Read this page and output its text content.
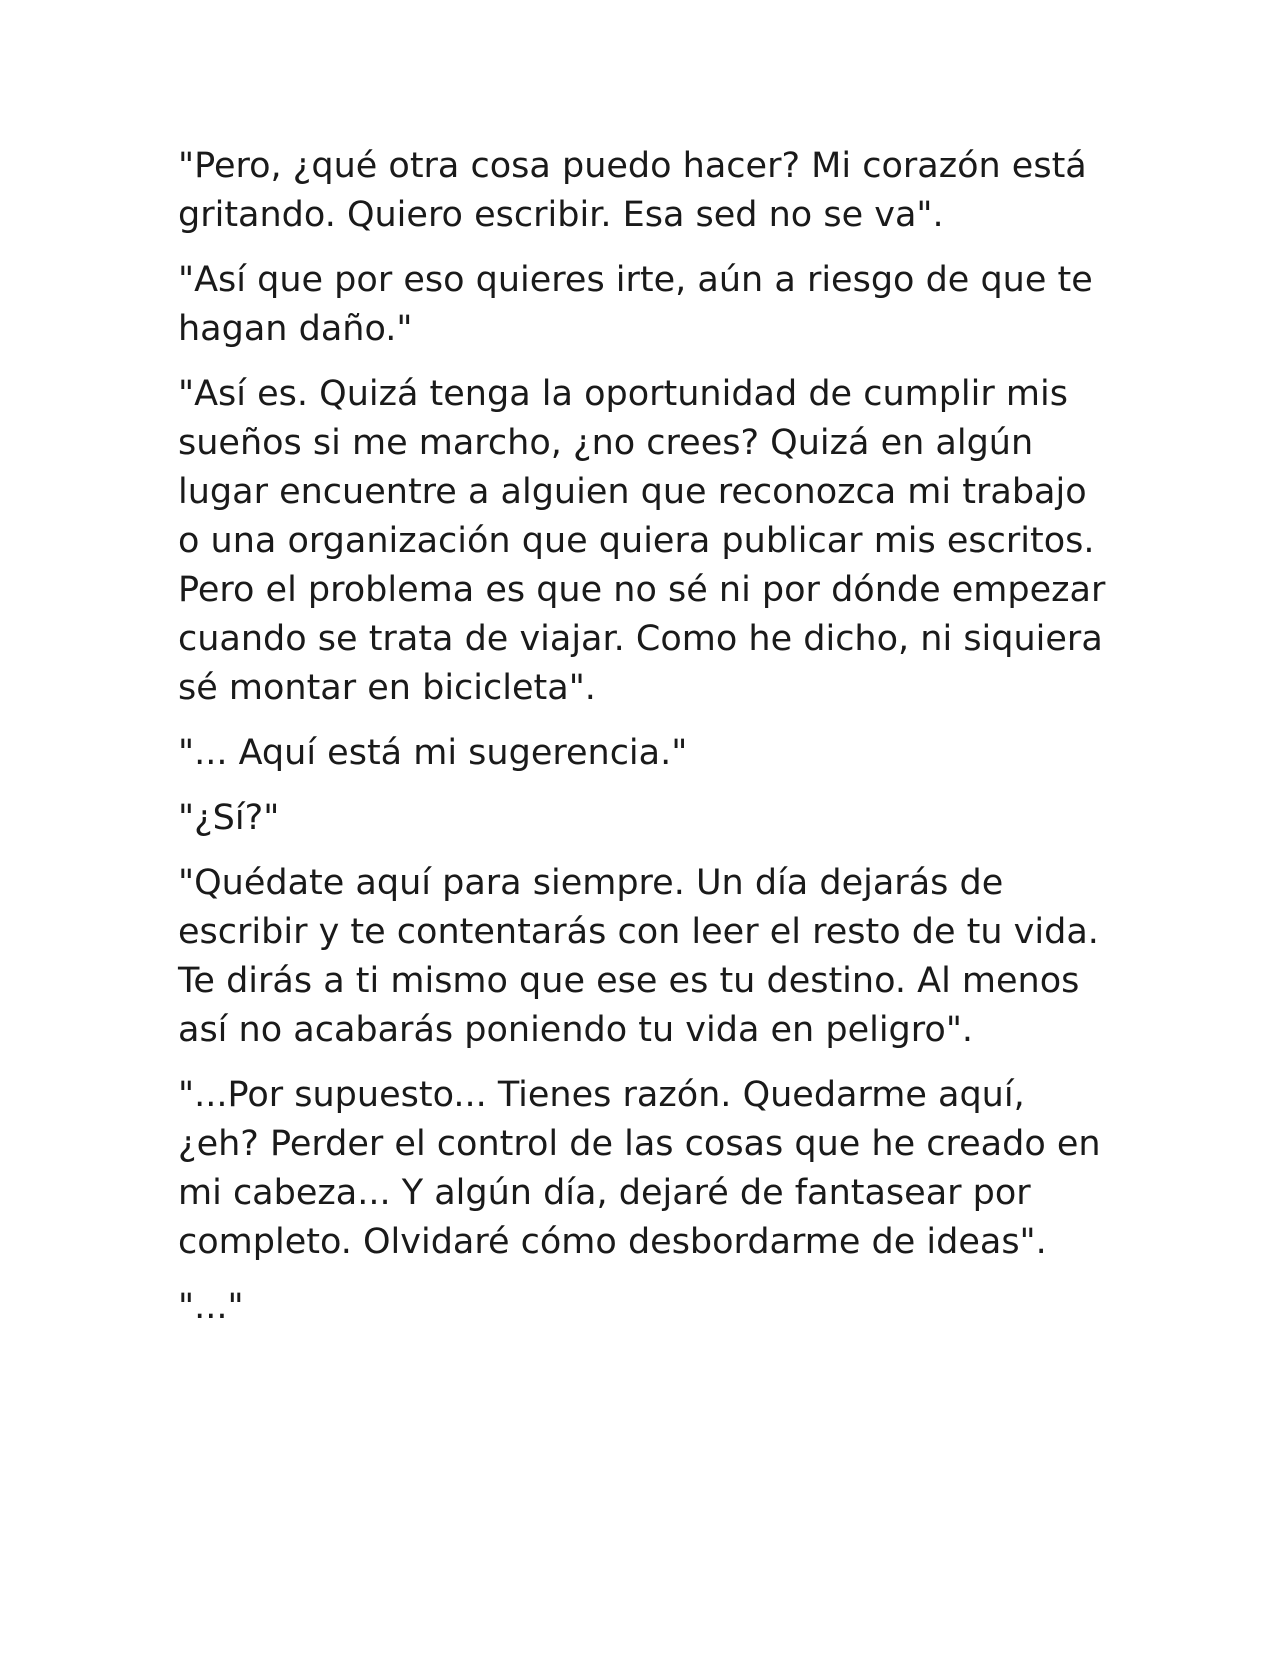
"Pero, ¿qué otra cosa puedo hacer? Mi corazón está gritando. Quiero escribir. Esa sed no se va".

"Así que por eso quieres irte, aún a riesgo de que te hagan daño."

"Así es. Quizá tenga la oportunidad de cumplir mis sueños si me marcho, ¿no crees? Quizá en algún lugar encuentre a alguien que reconozca mi trabajo o una organización que quiera publicar mis escritos. Pero el problema es que no sé ni por dónde empezar cuando se trata de viajar. Como he dicho, ni siquiera sé montar en bicicleta".

"... Aquí está mi sugerencia."

"¿Sí?"

"Quédate aquí para siempre. Un día dejarás de escribir y te contentarás con leer el resto de tu vida. Te dirás a ti mismo que ese es tu destino. Al menos así no acabarás poniendo tu vida en peligro".

"...Por supuesto... Tienes razón. Quedarme aquí, ¿eh? Perder el control de las cosas que he creado en mi cabeza... Y algún día, dejaré de fantasear por completo. Olvidaré cómo desbordarme de ideas".

"..."
